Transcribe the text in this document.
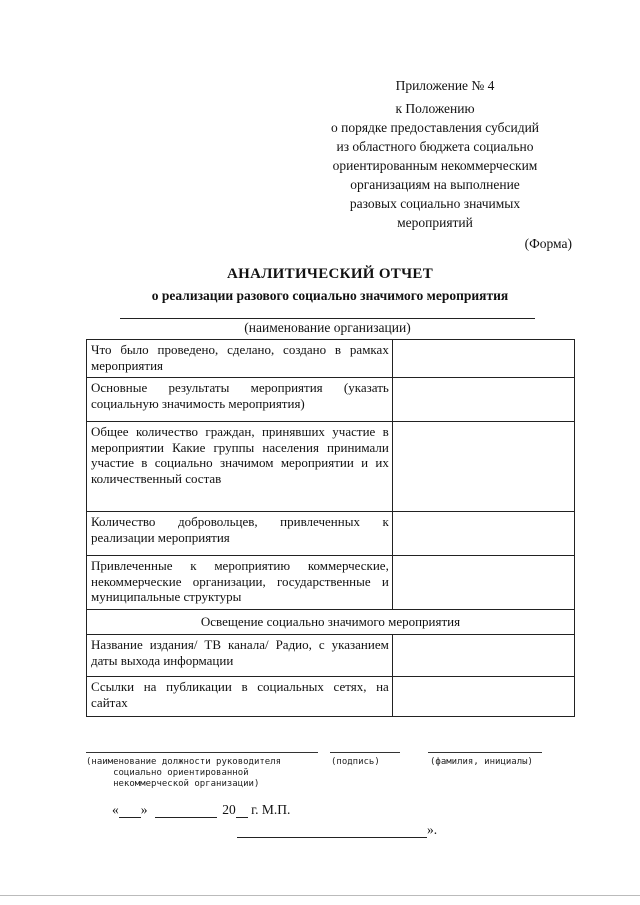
Приложение № 4
к Положению
о порядке предоставления субсидий
из областного бюджета социально
ориентированным некоммерческим
организациям на выполнение
разовых социально значимых
мероприятий
(Форма)
АНАЛИТИЧЕСКИЙ ОТЧЕТ
о реализации разового социально значимого мероприятия
(наименование организации)
Что было проведено, сделано, создано в рамках мероприятия	
Основные результаты мероприятия (указать социальную значимость мероприятия)	
Общее количество граждан, принявших участие в мероприятии Какие группы населения принимали участие в социально значимом мероприятии и их количественный состав	
Количество добровольцев, привлеченных к реализации мероприятия	
Привлеченные к мероприятию коммерческие, некоммерческие организации, государственные и муниципальные структуры	
Освещение социально значимого мероприятия	
Название издания/ ТВ канала/ Радио, с указанием даты выхода информации	
Ссылки на публикации в социальных сетях, на сайтах	
(наименование должности руководителя
социально ориентированной
некоммерческой организации)
(подпись)	(фамилия, инициалы)
« »	20 г. М.П.
».
